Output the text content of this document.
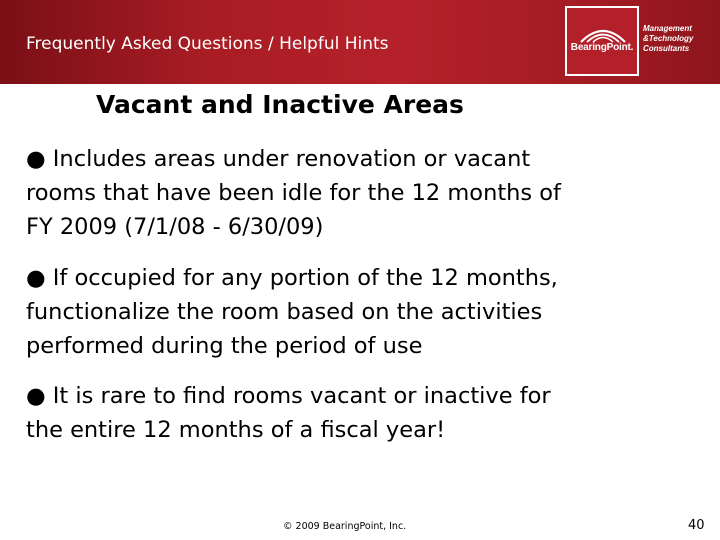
Frequently Asked Questions / Helpful Hints	BearingPoint.
Management
&Technology
Consultants
Vacant and Inactive Areas
● Includes areas under renovation or vacant
rooms that have been idle for the 12 months of
FY 2009 (7/1/08 - 6/30/09)
● If occupied for any portion of the 12 months,
functionalize the room based on the activities
performed during the period of use
● It is rare to find rooms vacant or inactive for
the entire 12 months of a fiscal year!
© 2009 BearingPoint, Inc.	40
